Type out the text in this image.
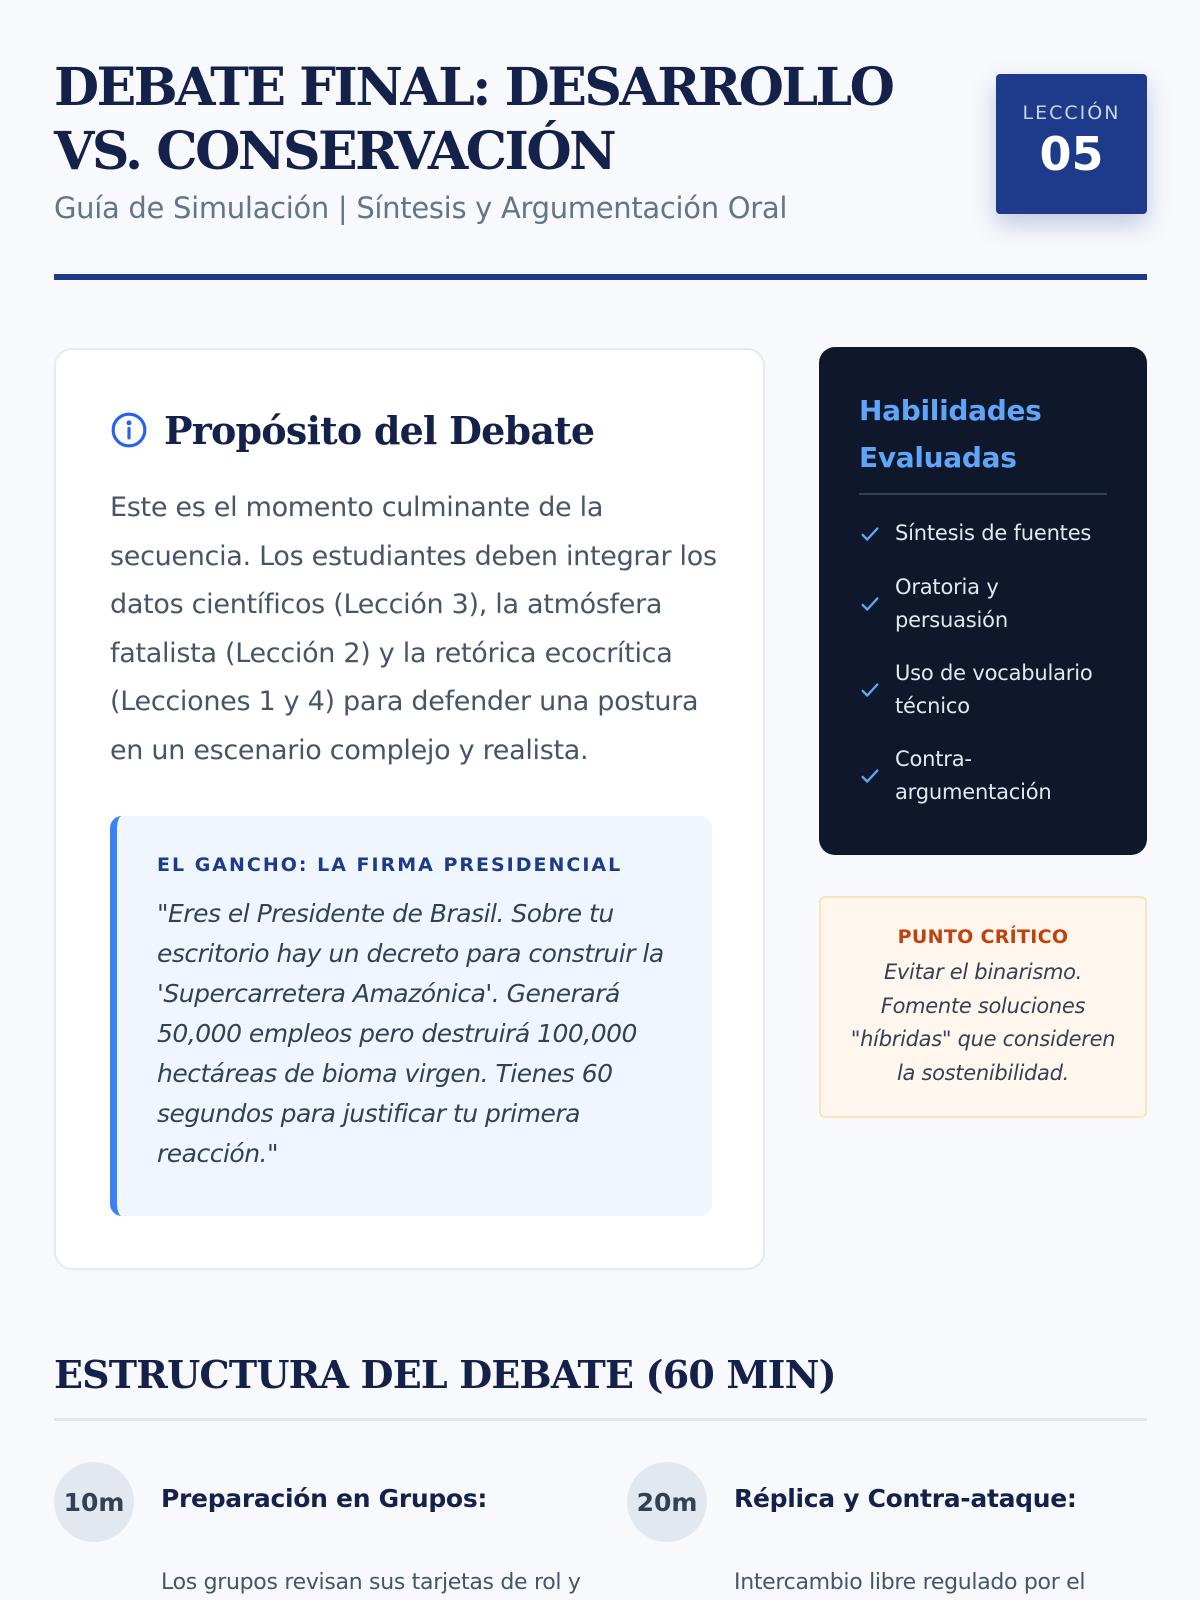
DEBATE FINAL: DESARROLLO VS. CONSERVACIÓN
Guía de Simulación | Síntesis y Argumentación Oral
LECCIÓN
05
Propósito del Debate

Este es el momento culminante de la secuencia. Los estudiantes deben integrar los datos científicos (Lección 3), la atmósfera fatalista (Lección 2) y la retórica ecocrítica (Lecciones 1 y 4) para defender una postura en un escenario complejo y realista.

EL GANCHO: LA FIRMA PRESIDENCIAL

"Eres el Presidente de Brasil. Sobre tu escritorio hay un decreto para construir la 'Supercarretera Amazónica'. Generará 50,000 empleos pero destruirá 100,000 hectáreas de bioma virgen. Tienes 60 segundos para justificar tu primera reacción."

Habilidades Evaluadas
Síntesis de fuentes
Oratoria y persuasión
Uso de vocabulario técnico
Contra-argumentación
PUNTO CRÍTICO
Evitar el binarismo. Fomente soluciones "híbridas" que consideren la sostenibilidad.
ESTRUCTURA DEL DEBATE (60 MIN)
10m	Preparación en Grupos:
Los grupos revisan sus tarjetas de rol y
20m	Réplica y Contra-ataque:
Intercambio libre regulado por el
